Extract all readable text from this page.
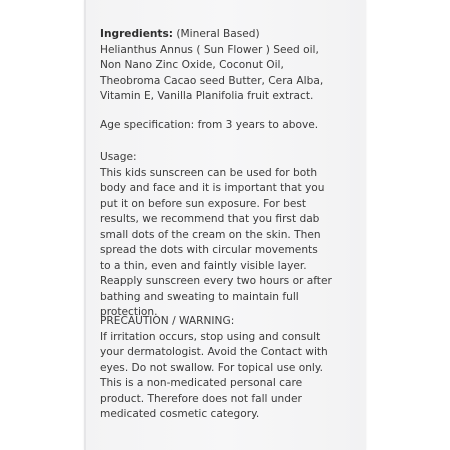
Ingredients: (Mineral Based)

Helianthus Annus ( Sun Flower ) Seed oil,

Non Nano Zinc Oxide, Coconut Oil,

Theobroma Cacao seed Butter, Cera Alba,

Vitamin E, Vanilla Planifolia fruit extract.

Age specification: from 3 years to above.

Usage:

This kids sunscreen can be used for both

body and face and it is important that you

put it on before sun exposure. For best

results, we recommend that you first dab

small dots of the cream on the skin. Then

spread the dots with circular movements

to a thin, even and faintly visible layer.

Reapply sunscreen every two hours or after

bathing and sweating to maintain full

protection.

PRECAUTION / WARNING:

If irritation occurs, stop using and consult

your dermatologist. Avoid the Contact with

eyes. Do not swallow. For topical use only.

This is a non-medicated personal care

product. Therefore does not fall under

medicated cosmetic category.
